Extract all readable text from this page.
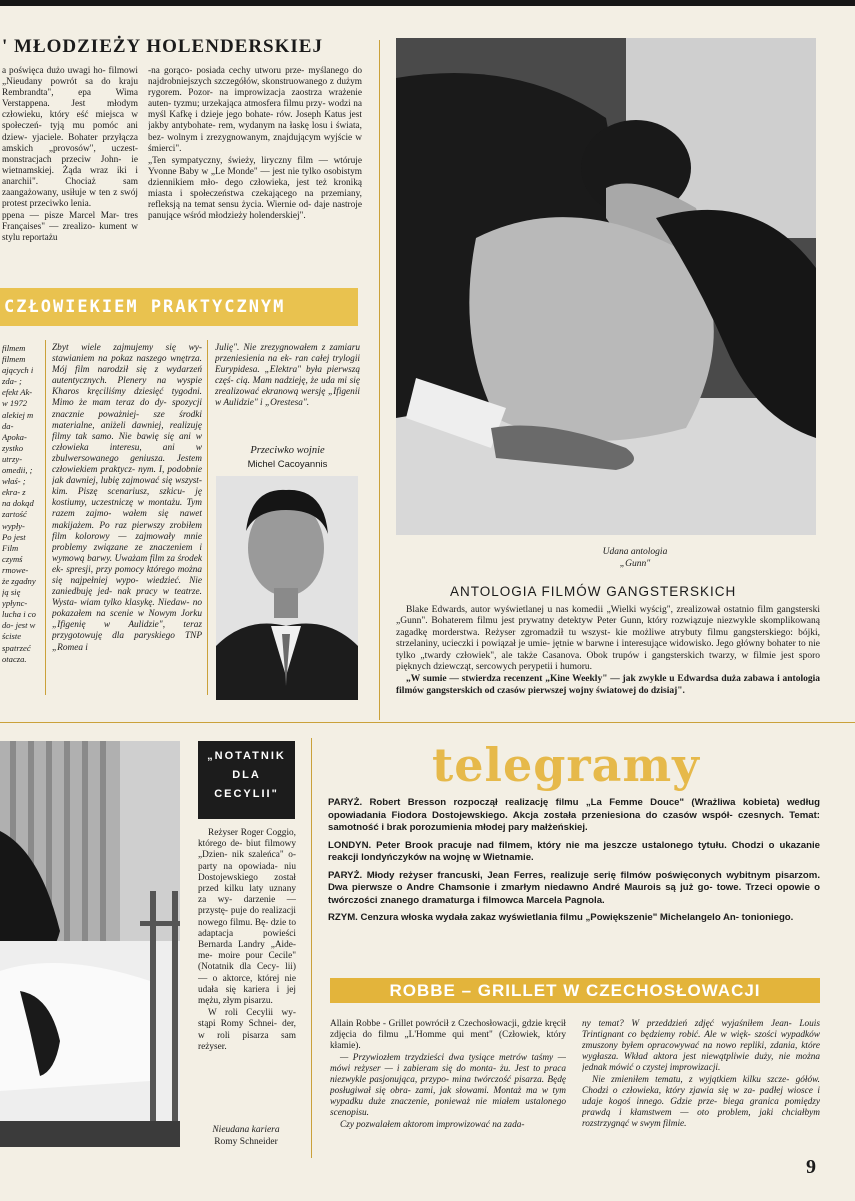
' MŁODZIEŻY HOLENDERSKIEJ

a poświęca dużo uwagi ho- filmowi „Nieudany powrót sa do kraju Rembrandta", ера Wima Verstappena. Jest młodym człowieku, który eść miejsca w społeczeń- tyją mu pomóc ani dziew- yjaciele. Bohater przyłącza amskich „provosów", uczest- monstracjach przeciw John- ie wietnamskiej. Żąda wraz iki i anarchii". Chociaż sam zaangażowany, usiłuje w ten z swój protest przeciwko lenia.

ppena — pisze Marcel Mar- tres Françaises" — zrealizo- kument w stylu reportażu

-na gorąco- posiada cechy utworu prze- myślanego do najdrobniejszych szczegółów, skonstruowanego z dużym rygorem. Pozor- na improwizacja zaostrza wrażenie auten- tyzmu; urzekająca atmosfera filmu przy- wodzi na myśl Kafkę i dzieje jego bohate- rów. Joseph Katus jest jakby antybohate- rem, wydanym na łaskę losu i świata, bez- wolnym i zrezygnowanym, znajdującym wyjście w śmierci".

„Ten sympatyczny, świeży, liryczny film — wtóruje Yvonne Baby w „Le Monde" — jest nie tylko osobistym dziennikiem mło- dego człowieka, jest też kroniką miasta i społeczeństwa czekającego na przemiany, refleksją na temat sensu życia. Wiernie od- daje nastroje panujące wśród młodzieży holenderskiej".

CZŁOWIEKIEM PRAKTYCZNYM
filmem filmem ających i zda- ; efekt Ak- w 1972 alekiej m da- Apoka- zystko utrzy- omedii, ; właś- ; ekra- z na dokąd zartość wypły- Po jest Film czymś rmowe- że zgadny ją się ypłync- lucha i co do- jest w ściste spatrzeć otacza.
Zbyt wiele zajmujemy się wy- stawianiem na pokaz naszego wnętrza. Mój film narodził się z wydarzeń autentycznych. Plenery na wyspie Kharos kręciliśmy dziesięć tygodni. Mimo że mam teraz do dy- spozycji znacznie poważniej- sze środki materialne, aniżeli dawniej, realizuję filmy tak samo. Nie bawię się ani w człowieka interesu, ani w zbulwersowanego geniusza. Jestem człowiekiem praktycz- nym. I, podobnie jak dawniej, lubię zajmować się wszyst- kim. Piszę scenariusz, szkicu- ję kostiumy, uczestniczę w montażu. Tym razem zajmo- wałem się nawet makijażem. Po raz pierwszy zrobiłem film kolorowy — zajmowały mnie problemy związane ze znaczeniem i wymową barwy. Uważam film za środek ek- spresji, przy pomocy którego można się najpełniej wypo- wiedzieć. Nie zaniedbuję jed- nak pracy w teatrze. Wysta- wiam tylko klasykę. Niedaw- no pokazałem na scenie w Nowym Jorku „Ifigenię w Aulidzie", teraz przygotowuję dla paryskiego TNP „Romea i
Julię". Nie zrezygnowałem z zamiaru przeniesienia na ek- ran całej trylogii Eurypidesa. „Elektra" była pierwszą częś- cią. Mam nadzieję, że uda mi się zrealizować ekranową wersję „Ifigenii w Aulidzie" i „Orestesa".
Przeciwko wojnie
Michel Cacoyannis
Udana antologia
„Gunn"
ANTOLOGIA FILMÓW GANGSTERSKICH

Blake Edwards, autor wyświetlanej u nas komedii „Wielki wyścig", zrealizował ostatnio film gangsterski „Gunn". Bohaterem filmu jest prywatny detektyw Peter Gunn, który rozwiązuje niezwykle skomplikowaną zagadkę morderstwa. Reżyser zgromadził tu wszyst- kie możliwe atrybuty filmu gangsterskiego: bójki, strzelaniny, ucieczki i powiązał je umie- jętnie w barwne i interesujące widowisko. Jego główny bohater to nie tylko „twardy człowiek", ale także Casanova. Obok trupów i gangsterskich twarzy, w filmie jest sporo pięknych dziewcząt, sercowych perypetii i humoru.

„W sumie — stwierdza recenzent „Kine Weekly" — jak zwykle u Edwardsa duża zabawa i antologia filmów gangsterskich od czasów pierwszej wojny światowej do dzisiaj".

„NOTATNIK
DLA
CECYLII"

Reżyser Roger Coggio, którego de- biut filmowy „Dzien- nik szaleńca" o- party na opowiada- niu Dostojewskiego został przed kilku laty uznany za wy- darzenie — przystę- puje do realizacji nowego filmu. Bę- dzie to adaptacja powieści Bernarda Landry „Aide-me- moire pour Cecile" (Notatnik dla Cecy- lii) — o aktorce, której nie udała się kariera i jej mężu, złym pisarzu.

W roli Cecylii wy- stąpi Romy Schnei- der, w roli pisarza sam reżyser.

Nieudana kariera
Romy Schneider
telegramy

PARYŻ. Robert Bresson rozpoczął realizację filmu „La Femme Douce" (Wrażliwa kobieta) według opowiadania Fiodora Dostojewskiego. Akcja została przeniesiona do czasów współ- czesnych. Temat: samotność i brak porozumienia młodej pary małżeńskiej.

LONDYN. Peter Brook pracuje nad filmem, który nie ma jeszcze ustalonego tytułu. Chodzi o ukazanie reakcji londyńczyków na wojnę w Wietnamie.

PARYŻ. Młody reżyser francuski, Jean Ferres, realizuje serię filmów poświęconych wybitnym pisarzom. Dwa pierwsze o Andre Chamsonie i zmarłym niedawno André Maurois są już go- towe. Trzeci opowie o twórczości znanego dramaturga i filmowca Marcela Pagnola.

RZYM. Cenzura włoska wydała zakaz wyświetlania filmu „Powiększenie" Michelangelo An- tonioniego.

ROBBE – GRILLET W CZECHOSŁOWACJI

Allain Robbe - Grillet powrócił z Czechosłowacji, gdzie kręcił zdjęcia do filmu „L'Homme qui ment" (Człowiek, który kłamie).

— Przywiozłem trzydzieści dwa tysiące metrów taśmy — mówi reżyser — i zabieram się do monta- żu. Jest to praca niezwykle pasjonująca, przypo- mina twórczość pisarza. Będę posługiwał się obra- zami, jak słowami. Montaż ma w tym wypadku duże znaczenie, ponieważ nie miałem ustalonego scenopisu.

Czy pozwalałem aktorom improwizować na zada-

ny temat? W przeddzień zdjęć wyjaśniłem Jean- Louis Trintignant co będziemy robić. Ale w więk- szości wypadków zmuszony byłem opracowywać na nowo repliki, zdania, które wygłasza. Wkład aktora jest niewątpliwie duży, nie można jednak mówić o czystej improwizacji.

Nie zmieniłem tematu, z wyjątkiem kilku szcze- gółów. Chodzi o człowieka, który zjawia się w za- padłej wiosce i udaje kogoś innego. Gdzie prze- biega granica pomiędzy prawdą i kłamstwem — oto problem, jaki chciałbym rozstrzygnąć w swym filmie.

9
